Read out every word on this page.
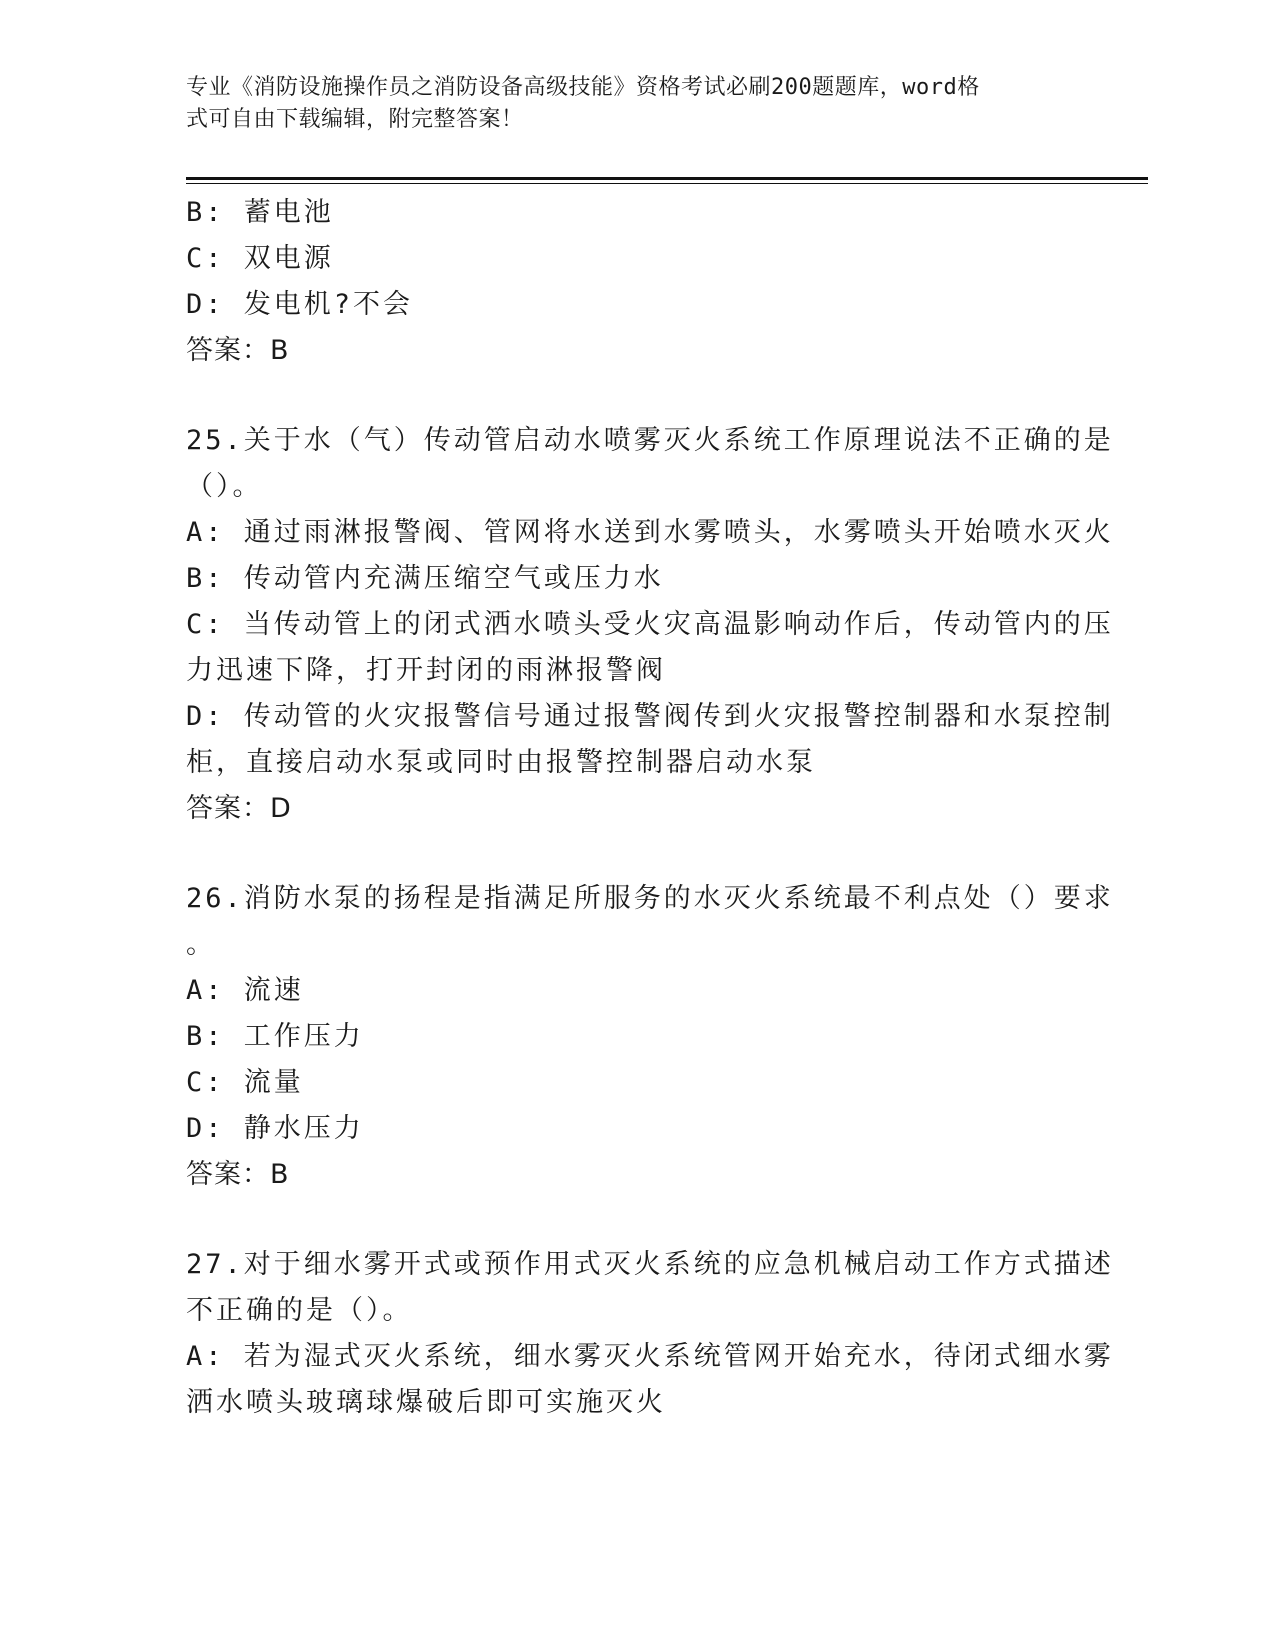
专业《消防设施操作员之消防设备高级技能》资格考试必刷200题题库，word格
式可自由下载编辑，附完整答案！
B: 蓄电池
C: 双电源
D: 发电机?不会
答案：B
25.关于水（气）传动管启动水喷雾灭火系统工作原理说法不正确的是
（）。
A: 通过雨淋报警阀、管网将水送到水雾喷头，水雾喷头开始喷水灭火
B: 传动管内充满压缩空气或压力水
C: 当传动管上的闭式洒水喷头受火灾高温影响动作后，传动管内的压
力迅速下降，打开封闭的雨淋报警阀
D: 传动管的火灾报警信号通过报警阀传到火灾报警控制器和水泵控制
柜，直接启动水泵或同时由报警控制器启动水泵
答案：D
26.消防水泵的扬程是指满足所服务的水灭火系统最不利点处（）要求
。
A: 流速
B: 工作压力
C: 流量
D: 静水压力
答案：B
27.对于细水雾开式或预作用式灭火系统的应急机械启动工作方式描述
不正确的是（）。
A: 若为湿式灭火系统，细水雾灭火系统管网开始充水，待闭式细水雾
洒水喷头玻璃球爆破后即可实施灭火
